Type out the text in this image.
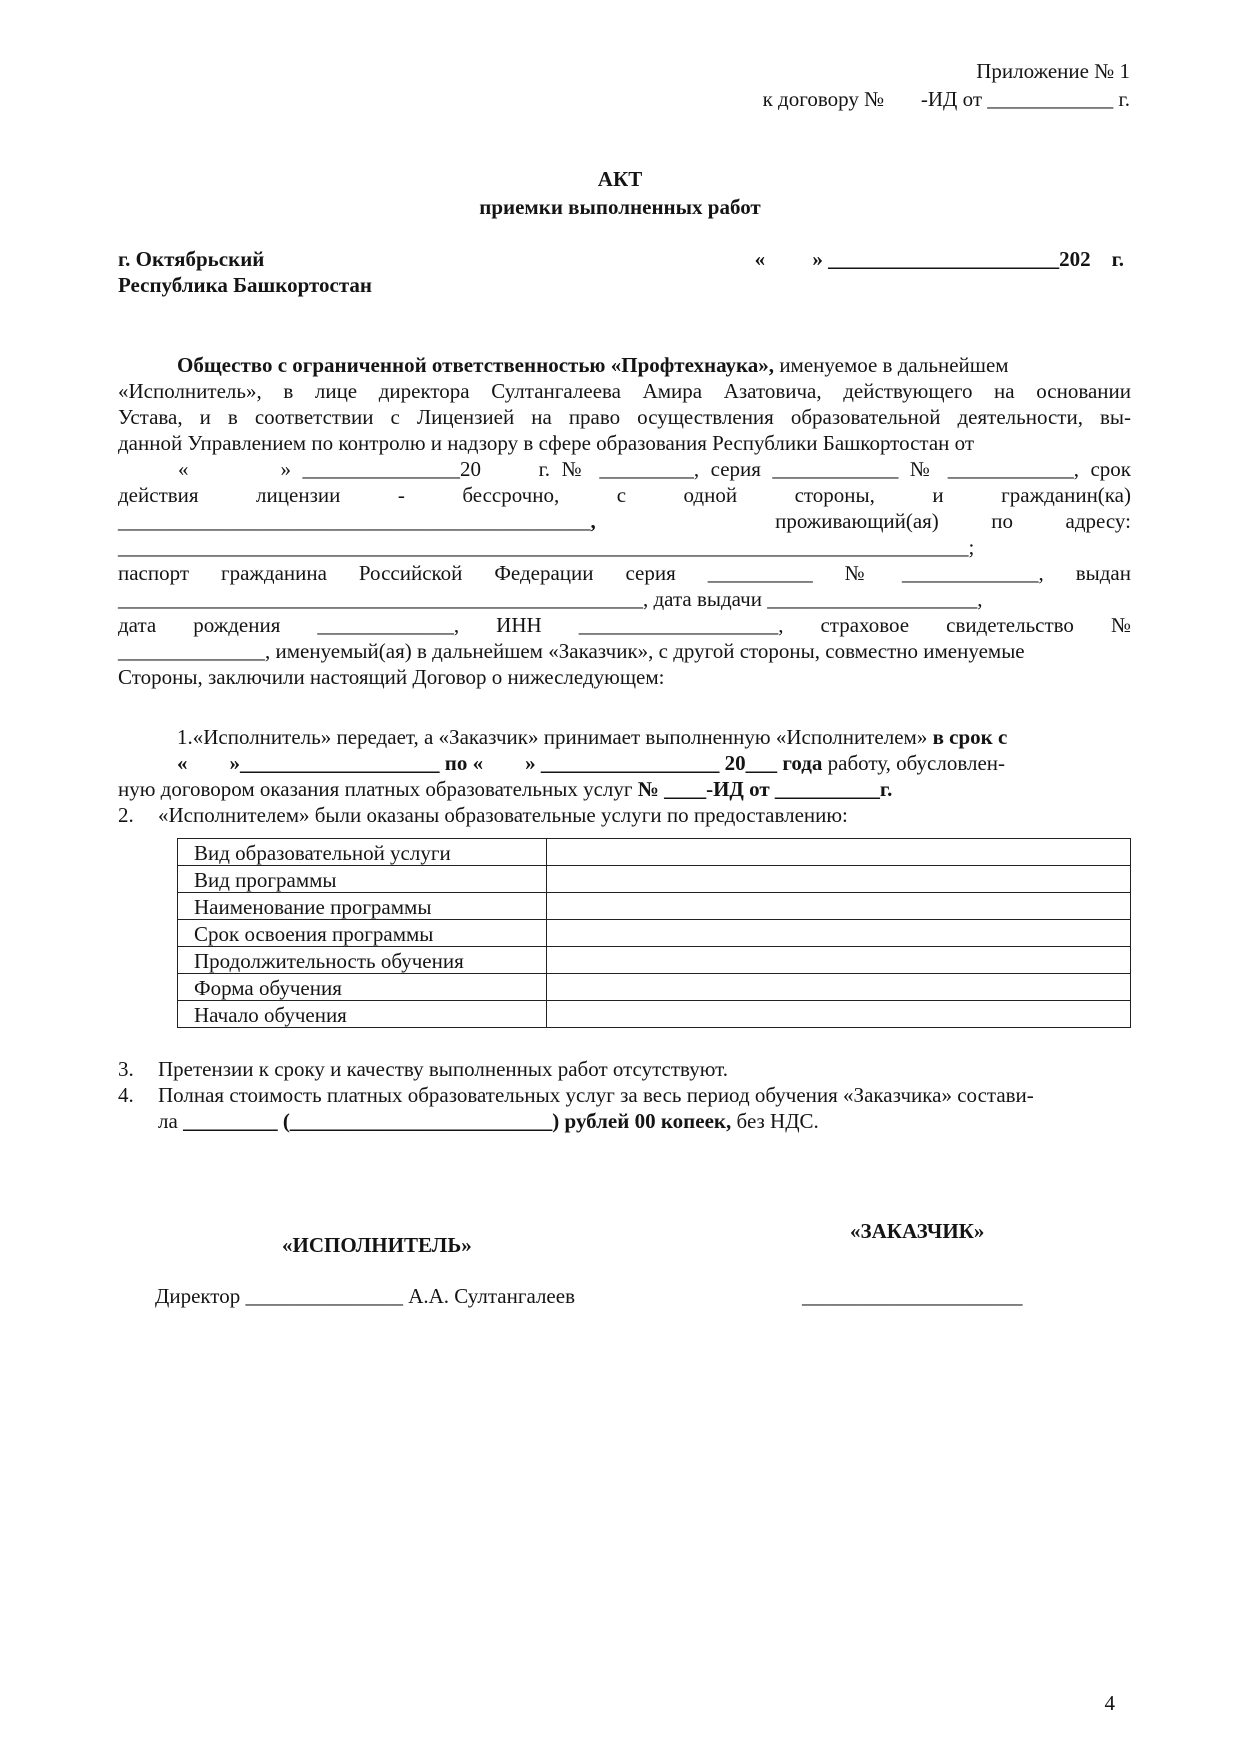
Приложение № 1
к договору №       -ИД от ____________ г.
АКТ
приемки выполненных работ
г. Октябрьский
Республика Башкортостан
«         » ______________________202    г.
Общество с ограниченной ответственностью «Профтехнаука», именуемое в дальнейшем
«Исполнитель», в лице директора Султангалеева Амира Азатовича, действующего на основании
Устава, и в соответствии с Лицензией на право осуществления образовательной деятельности, вы-
данной Управлением по контролю и надзору в сфере образования Республики Башкортостан от
«        » _______________20     г. № _________, серия ____________ № ____________, срок
действия      лицензии      -      бессрочно,      с      одной      стороны,      и      гражданин(ка)
_____________________________________________,	проживающий(ая)          по          адресу:
_________________________________________________________________________________;
паспорт   гражданина   Российской   Федерации   серия   __________   №   _____________,   выдан
__________________________________________________, дата выдачи ____________________,
дата   рождения   _____________,   ИНН   ___________________,   страховое   свидетельство   №
______________, именуемый(ая) в дальнейшем «Заказчик», с другой стороны, совместно именуемые
Стороны, заключили настоящий Договор о нижеследующем:
1.«Исполнитель» передает, а «Заказчик» принимает выполненную «Исполнителем» в срок с
«        »___________________ по «        » _________________ 20___ года работу, обусловлен-
ную договором оказания платных образовательных услуг № ____-ИД от __________г.
2. «Исполнителем» были оказаны образовательные услуги по предоставлению:
Вид образовательной услуги	
Вид программы	
Наименование программы	
Срок освоения программы	
Продолжительность обучения	
Форма обучения	
Начало обучения	
3. Претензии к сроку и качеству выполненных работ отсутствуют.
4. Полная стоимость платных образовательных услуг за весь период обучения «Заказчика» состави-
ла _________ (_________________________) рублей 00 копеек, без НДС.
«ИСПОЛНИТЕЛЬ»
«ЗАКАЗЧИК»
Директор _______________ А.А. Султангалеев	_____________________
4
